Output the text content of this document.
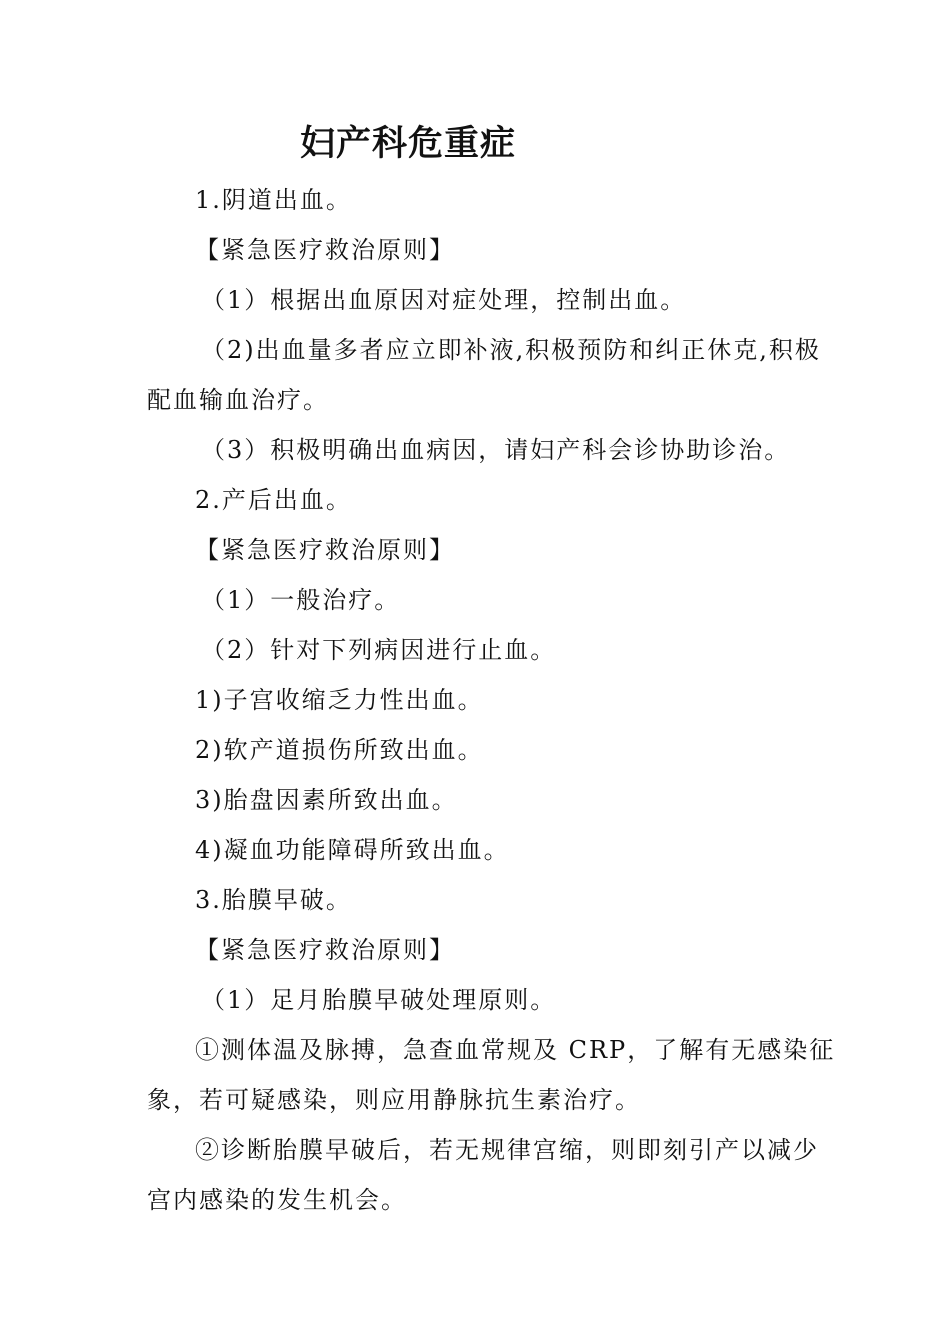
妇产科危重症
1.阴道出血。
【紧急医疗救治原则】
（1）根据出血原因对症处理，控制出血。
（2)出血量多者应立即补液,积极预防和纠正休克,积极
配血输血治疗。
（3）积极明确出血病因，请妇产科会诊协助诊治。
2.产后出血。
【紧急医疗救治原则】
（1）一般治疗。
（2）针对下列病因进行止血。
1)子宫收缩乏力性出血。
2)软产道损伤所致出血。
3)胎盘因素所致出血。
4)凝血功能障碍所致出血。
3.胎膜早破。
【紧急医疗救治原则】
（1）足月胎膜早破处理原则。
①测体温及脉搏，急查血常规及 CRP，了解有无感染征
象，若可疑感染，则应用静脉抗生素治疗。
②诊断胎膜早破后，若无规律宫缩，则即刻引产以减少
宫内感染的发生机会。
